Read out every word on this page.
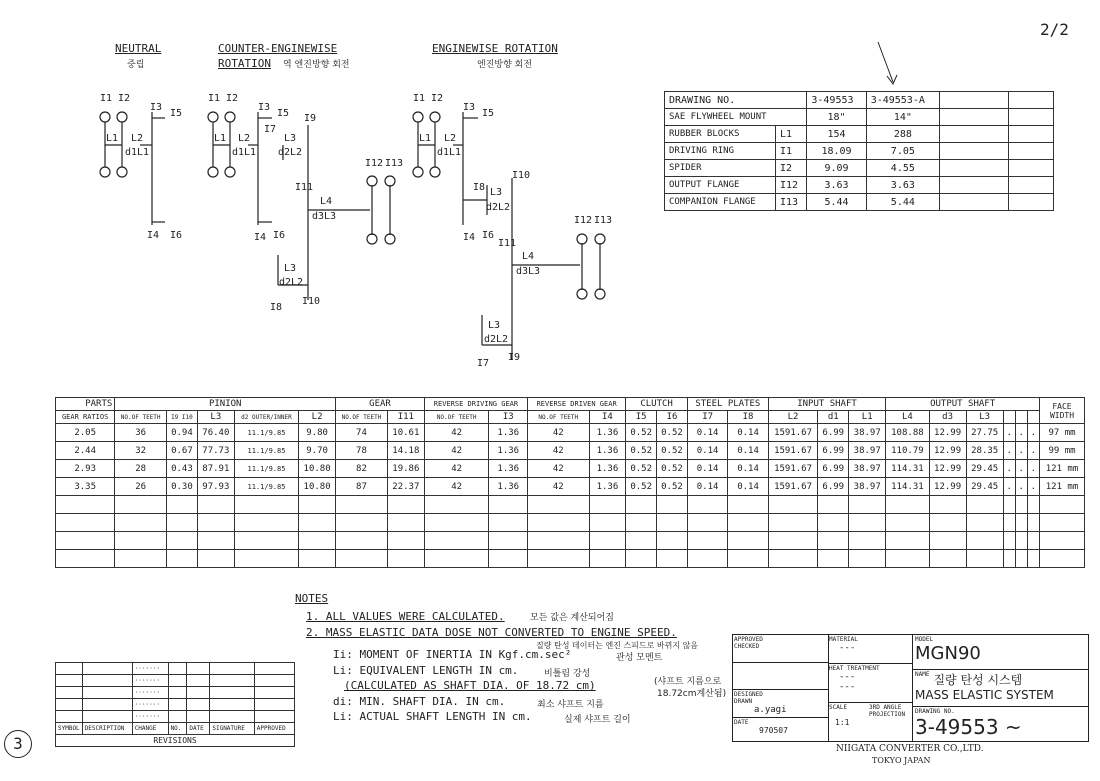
2/2
3
NEUTRAL
중립
COUNTER-ENGINEWISE
ROTATION 역 엔진방향 회전
ENGINEWISE ROTATION
엔진방향 회전
I1 I2
I3
I5
L1 L2
d1L1
I4 I6
I1 I2
I3
I5
I7
I9
L1 L2	L3
d1L1 d2L2
I4 I6
I11
L4
d3L3
I12 I13
L3
d2L2
I8
I10
I1 I2
I3
I5
L1 L2
d1L1
I10
I8 L3
d2L2
I4 I6
I11
L4
d3L3
I12 I13
L3
d2L2
I7
I9
DRAWING NO.		3-49553	3-49553-A		
SAE FLYWHEEL MOUNT		18"	14"		
RUBBER BLOCKS	L1	154	288		
DRIVING RING	I1	18.09	7.05		
SPIDER	I2	9.09	4.55		
OUTPUT FLANGE	I12	3.63	3.63		
COMPANION FLANGE	I13	5.44	5.44		
PARTS	PINION					GEAR		REVERSE DRIVING GEAR		REVERSE DRIVEN GEAR		CLUTCH		STEEL PLATES		INPUT SHAFT			OUTPUT SHAFT						FACE WIDTH
GEAR RATIOS	NO.OF TEETH	I9 I10	L3	d2 OUTER/INNER	L2	NO.OF TEETH	I11	NO.OF TEETH	I3	NO.OF TEETH	I4	I5	I6	I7	I8	L2	d1	L1	L4	d3	L3				
2.05	36	0.94	76.40	11.1/9.85	9.80	74	10.61	42	1.36	42	1.36	0.52	0.52	0.14	0.14	1591.67	6.99	38.97	108.88	12.99	27.75	.	.	.	97 mm
2.44	32	0.67	77.73	11.1/9.85	9.70	78	14.18	42	1.36	42	1.36	0.52	0.52	0.14	0.14	1591.67	6.99	38.97	110.79	12.99	28.35	.	.	.	99 mm
2.93	28	0.43	87.91	11.1/9.85	10.80	82	19.86	42	1.36	42	1.36	0.52	0.52	0.14	0.14	1591.67	6.99	38.97	114.31	12.99	29.45	.	.	.	121 mm
3.35	26	0.30	97.93	11.1/9.85	10.80	87	22.37	42	1.36	42	1.36	0.52	0.52	0.14	0.14	1591.67	6.99	38.97	114.31	12.99	29.45	.	.	.	121 mm

NOTES
1. ALL VALUES WERE CALCULATED.	모든 값은 계산되어짐
2. MASS ELASTIC DATA DOSE NOT CONVERTED TO ENGINE SPEED.
질량 탄성 데이터는 엔진 스피드로 바뀌지 않음
Ii: MOMENT OF INERTIA IN Kgf.cm.sec²	관성 모멘트
Li: EQUIVALENT LENGTH IN cm.	비틀림 강성
(CALCULATED AS SHAFT DIA. OF 18.72 cm)	(샤프트 지름으로
18.72cm계산됨)
di: MIN. SHAFT DIA. IN cm.	최소 샤프트 지름
Li: ACTUAL SHAFT LENGTH IN cm.	실제 샤프트 길이
		·······				
		·······				
		·······				
		·······				
		·······				
SYMBOL	DESCRIPTION	CHANGE	NO.	DATE	SIGNATURE	APPROVED
REVISIONS						
APPROVED
CHECKED
DESIGNED
DRAWN
a.yagi
DATE
970507
MATERIAL
---
HEAT TREATMENT
---
---
SCALE	3RD ANGLE PROJECTION
1:1
MODEL
MGN90
NAME 질량 탄성 시스템
MASS ELASTIC SYSTEM
DRAWING NO.
3-49553 ~
NIIGATA CONVERTER CO.,LTD.
TOKYO JAPAN
